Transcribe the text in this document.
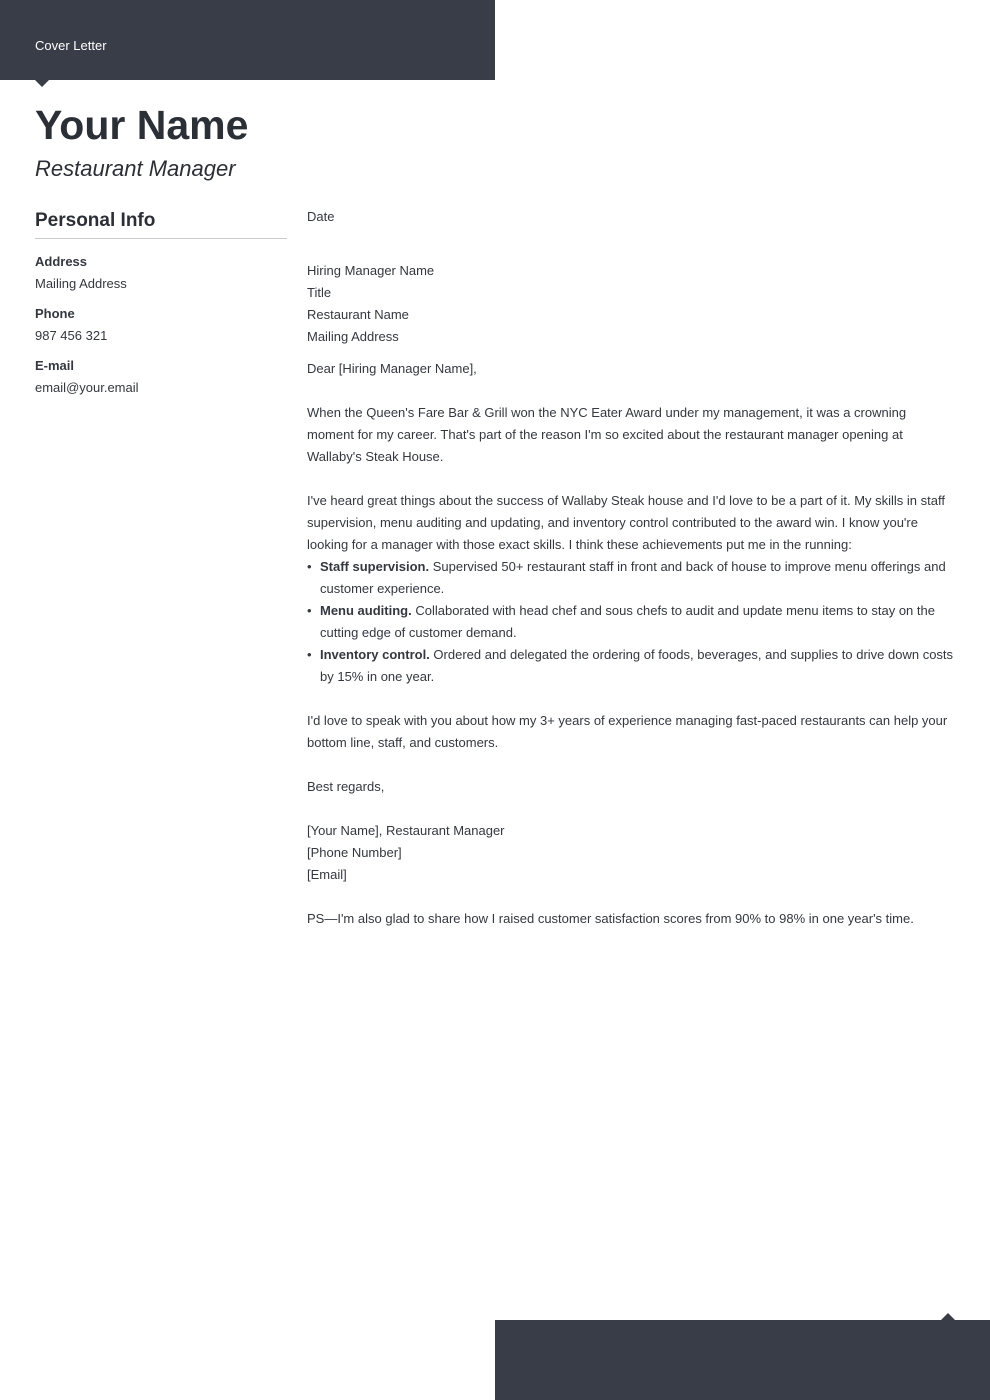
Cover Letter
Your Name
Restaurant Manager
Personal Info
Address
Mailing Address
Phone
987 456 321
E-mail
email@your.email

Date

Hiring Manager Name

Title

Restaurant Name

Mailing Address

Dear [Hiring Manager Name],

When the Queen's Fare Bar & Grill won the NYC Eater Award under my management, it was a crowning moment for my career. That's part of the reason I'm so excited about the restaurant manager opening at Wallaby's Steak House.

I've heard great things about the success of Wallaby Steak house and I'd love to be a part of it. My skills in staff supervision, menu auditing and updating, and inventory control contributed to the award win. I know you're looking for a manager with those exact skills. I think these achievements put me in the running:

• Staff supervision. Supervised 50+ restaurant staff in front and back of house to improve menu offerings and customer experience.
• Menu auditing. Collaborated with head chef and sous chefs to audit and update menu items to stay on the cutting edge of customer demand.
• Inventory control. Ordered and delegated the ordering of foods, beverages, and supplies to drive down costs by 15% in one year.

I'd love to speak with you about how my 3+ years of experience managing fast-paced restaurants can help your bottom line, staff, and customers.

Best regards,

[Your Name], Restaurant Manager

[Phone Number]

[Email]

PS—I'm also glad to share how I raised customer satisfaction scores from 90% to 98% in one year's time.
